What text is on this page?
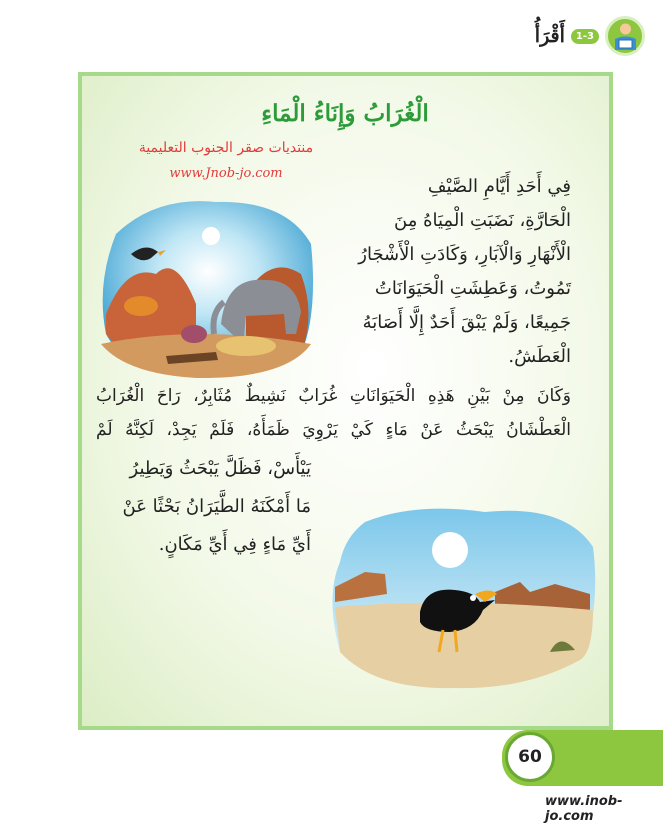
1-3
أَقْرَأُ
الْغُرَابُ وَإِنَاءُ الْمَاءِ
منتديات صقر الجنوب التعليمية
www.Jnob-jo.com
فِي أَحَدِ أَيَّامِ الصَّيْفِ
الْحَارَّةِ، نَضَبَتِ الْمِيَاهُ مِنَ
الْأَنْهَارِ وَالْآبَارِ، وَكَادَتِ الْأَشْجَارُ
تَمُوتُ، وَعَطِشَتِ الْحَيَوَانَاتُ
جَمِيعًا، وَلَمْ يَبْقَ أَحَدٌ إِلَّا أَصَابَهُ
الْعَطَشُ.
وَكَانَ مِنْ بَيْنِ هَذِهِ الْحَيَوَانَاتِ غُرَابٌ نَشِيطٌ مُثَابِرٌ، رَاحَ الْغُرَابُ
الْعَطْشَانُ يَبْحَثُ عَنْ مَاءٍ كَيْ يَرْوِيَ ظَمَأَهُ، فَلَمْ يَجِدْ، لَكِنَّهُ لَمْ
يَيْأَسْ، فَظَلَّ يَبْحَثُ وَيَطِيرُ
مَا أَمْكَنَهُ الطَّيَرَانُ بَحْثًا عَنْ
أَيِّ مَاءٍ فِي أَيِّ مَكَانٍ.
60
www.inob-jo.com
